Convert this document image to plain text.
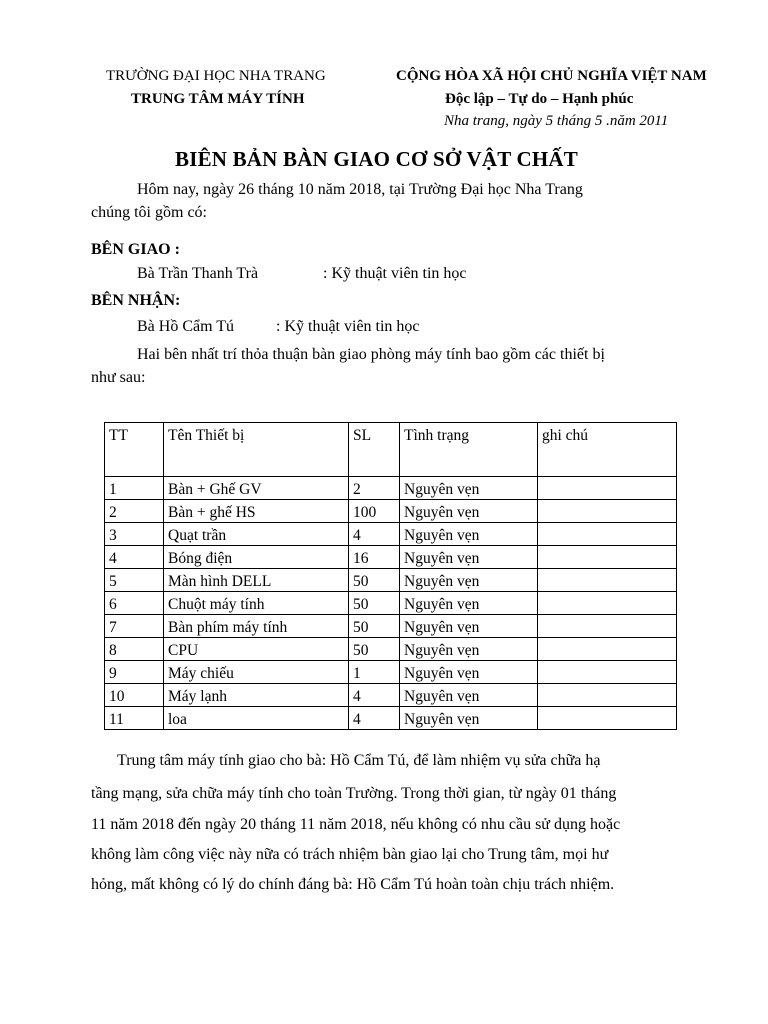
TRƯỜNG ĐẠI HỌC NHA TRANG
TRUNG TÂM MÁY TÍNH
CỘNG HÒA XÃ HỘI CHỦ NGHĨA VIỆT NAM
Độc lập – Tự do – Hạnh phúc
Nha trang, ngày 5 tháng 5 .năm 2011
BIÊN BẢN BÀN GIAO CƠ SỞ VẬT CHẤT
Hôm nay, ngày 26 tháng 10 năm 2018, tại Trường Đại học Nha Trang
chúng tôi gồm có:
BÊN GIAO :
Bà Trần Thanh Trà	: Kỹ thuật viên tin học
BÊN NHẬN:
Bà Hồ Cẩm Tú	: Kỹ thuật viên tin học
Hai bên nhất trí thỏa thuận bàn giao phòng máy tính bao gồm các thiết bị
như sau:
TT	Tên Thiết bị	SL	Tình trạng	ghi chú
1	Bàn + Ghế GV	2	Nguyên vẹn	
2	Bàn + ghế HS	100	Nguyên vẹn	
3	Quạt trần	4	Nguyên vẹn	
4	Bóng điện	16	Nguyên vẹn	
5	Màn hình DELL	50	Nguyên vẹn	
6	Chuột máy tính	50	Nguyên vẹn	
7	Bàn phím máy tính	50	Nguyên vẹn	
8	CPU	50	Nguyên vẹn	
9	Máy chiếu	1	Nguyên vẹn	
10	Máy lạnh	4	Nguyên vẹn	
11	loa	4	Nguyên vẹn	
Trung tâm máy tính giao cho bà: Hồ Cẩm Tú, để làm nhiệm vụ sửa chữa hạ
tầng mạng, sửa chữa máy tính cho toàn Trường. Trong thời gian, từ ngày 01 tháng
11 năm 2018 đến ngày 20 tháng 11 năm 2018, nếu không có nhu cầu sử dụng hoặc
không làm công việc này nữa có trách nhiệm bàn giao lại cho Trung tâm, mọi hư
hỏng, mất không có lý do chính đáng bà: Hồ Cẩm Tú hoàn toàn chịu trách nhiệm.
